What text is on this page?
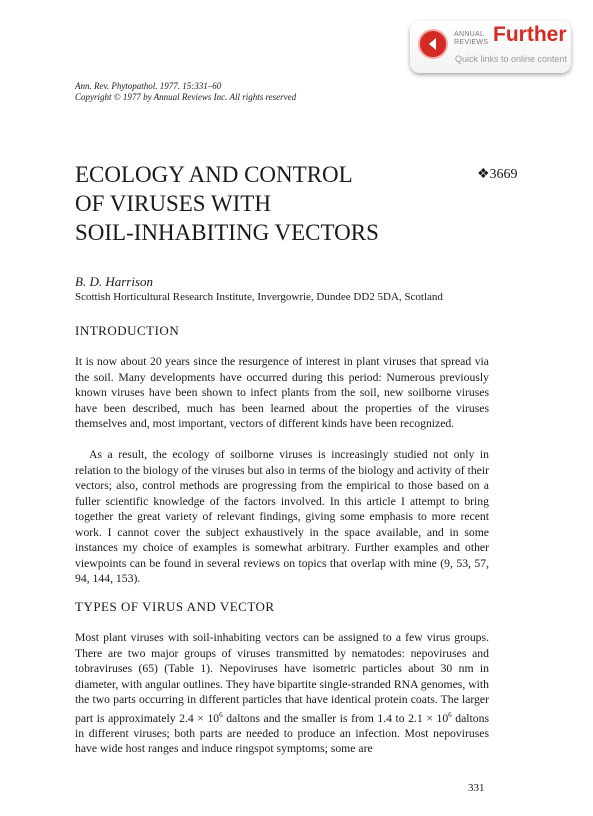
ANNUAL
REVIEWS Further
Quick links to online content
Ann. Rev. Phytopathol. 1977. 15:331–60
Copyright © 1977 by Annual Reviews Inc. All rights reserved
ECOLOGY AND CONTROL
OF VIRUSES WITH
SOIL-INHABITING VECTORS
❖3669
B. D. Harrison
Scottish Horticultural Research Institute, Invergowrie, Dundee DD2 5DA, Scotland
INTRODUCTION

It is now about 20 years since the resurgence of interest in plant viruses that spread via the soil. Many developments have occurred during this period: Numerous previously known viruses have been shown to infect plants from the soil, new soilborne viruses have been described, much has been learned about the properties of the viruses themselves and, most important, vectors of different kinds have been recognized.

As a result, the ecology of soilborne viruses is increasingly studied not only in relation to the biology of the viruses but also in terms of the biology and activity of their vectors; also, control methods are progressing from the empirical to those based on a fuller scientific knowledge of the factors involved. In this article I attempt to bring together the great variety of relevant findings, giving some emphasis to more recent work. I cannot cover the subject exhaustively in the space available, and in some instances my choice of examples is somewhat arbitrary. Further examples and other viewpoints can be found in several reviews on topics that overlap with mine (9, 53, 57, 94, 144, 153).

TYPES OF VIRUS AND VECTOR

Most plant viruses with soil-inhabiting vectors can be assigned to a few virus groups. There are two major groups of viruses transmitted by nematodes: nepoviruses and tobraviruses (65) (Table 1). Nepoviruses have isometric particles about 30 nm in diameter, with angular outlines. They have bipartite single-stranded RNA genomes, with the two parts occurring in different particles that have identical protein coats. The larger part is approximately $2.4 \times 10^6$ daltons and the smaller is from 1.4 to $2.1 \times 10^6$ daltons in different viruses; both parts are needed to produce an infection. Most nepoviruses have wide host ranges and induce ringspot symptoms; some are

331
